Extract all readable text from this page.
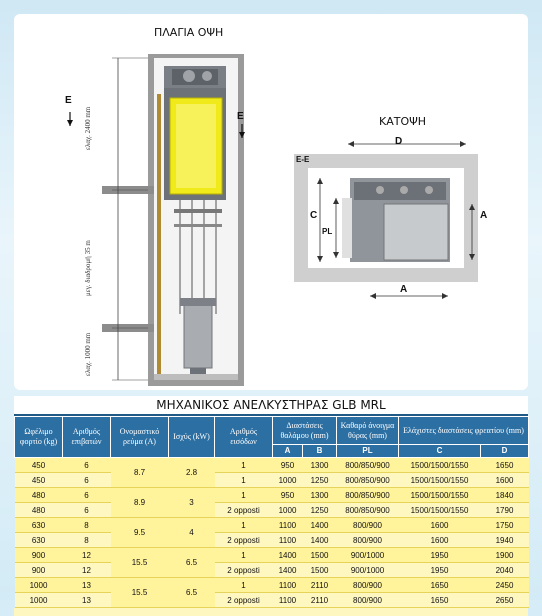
ΠΛΑΓΙΑ ΟΨΗ
ΚΑΤΟΨΗ
E
E
ελαχ. 2400 mm
μεγ. διαδρομή 35 m
ελαχ. 1000 mm
E-E
D
C
PL
A
A
ΜΗΧΑΝΙΚΟΣ ΑΝΕΛΚΥΣΤΗΡΑΣ GLB MRL
Ωφέλιμο φορτίο (kg)	Αριθμός επιβατών	Ονομαστικό ρεύμα (A)	Ισχύς (kW)	Αριθμός εισόδων	Διαστάσεις θαλάμου (mm)		Καθαρό άνοιγμα θύρας (mm)	Ελάχιστες διαστάσεις φρεατίου (mm)	
					A	B	PL	C	D
450	6	8.7	2.8	1	950	1300	800/850/900	1500/1500/1550	1650
450	6			1	1000	1250	800/850/900	1500/1500/1550	1600
480	6	8.9	3	1	950	1300	800/850/900	1500/1500/1550	1840
480	6			2 opposti	1000	1250	800/850/900	1500/1500/1550	1790
630	8	9.5	4	1	1100	1400	800/900	1600	1750
630	8			2 opposti	1100	1400	800/900	1600	1940
900	12	15.5	6.5	1	1400	1500	900/1000	1950	1900
900	12			2 opposti	1400	1500	900/1000	1950	2040
1000	13	15.5	6.5	1	1100	2110	800/900	1650	2450
1000	13			2 opposti	1100	2110	800/900	1650	2650
